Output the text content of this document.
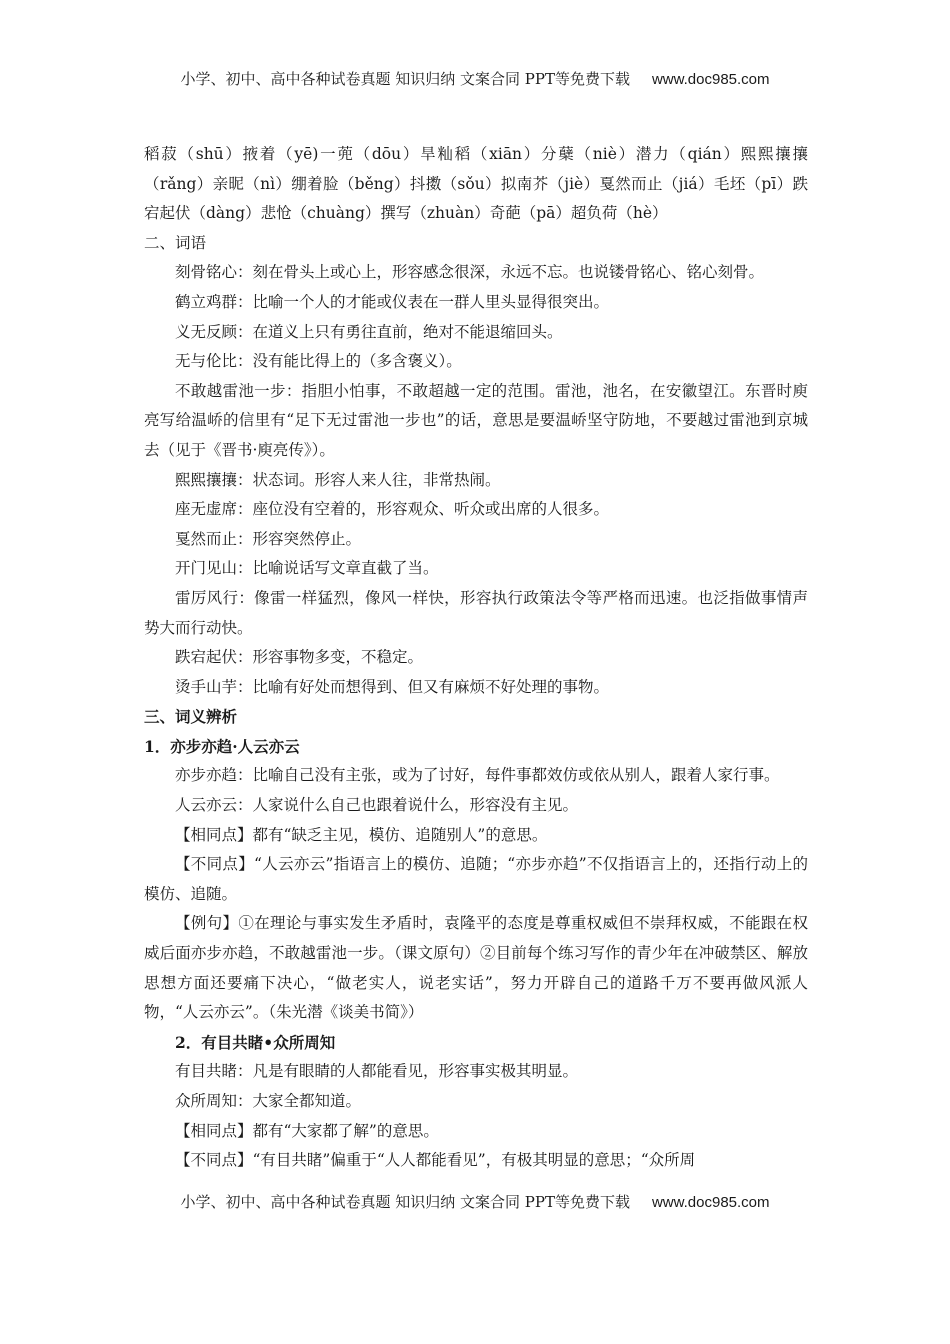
小学、初中、高中各种试卷真题 知识归纳 文案合同 PPT等免费下载 www.doc985.com

稻菽（shū）掖着（yē)一蔸（dōu）旱籼稻（xiān）分蘖（niè）潜力（qián）熙熙攘攘（rǎng）亲昵（nì）绷着脸（běng）抖擞（sǒu）拟南芥（jiè）戛然而止（jiá）毛坯（pī）跌宕起伏（dàng）悲怆（chuàng）撰写（zhuàn）奇葩（pā）超负荷（hè）

二、词语

刻骨铭心：刻在骨头上或心上，形容感念很深，永远不忘。也说镂骨铭心、铭心刻骨。

鹤立鸡群：比喻一个人的才能或仪表在一群人里头显得很突出。

义无反顾：在道义上只有勇往直前，绝对不能退缩回头。

无与伦比：没有能比得上的（多含褒义）。

不敢越雷池一步：指胆小怕事，不敢超越一定的范围。雷池，池名，在安徽望江。东晋时庾亮写给温峤的信里有“足下无过雷池一步也”的话，意思是要温峤坚守防地，不要越过雷池到京城去（见于《晋书·庾亮传》）。

熙熙攘攘：状态词。形容人来人往，非常热闹。

座无虚席：座位没有空着的，形容观众、听众或出席的人很多。

戛然而止：形容突然停止。

开门见山：比喻说话写文章直截了当。

雷厉风行：像雷一样猛烈，像风一样快，形容执行政策法令等严格而迅速。也泛指做事情声势大而行动快。

跌宕起伏：形容事物多变，不稳定。

烫手山芋：比喻有好处而想得到、但又有麻烦不好处理的事物。

三、词义辨析

1．亦步亦趋·人云亦云

亦步亦趋：比喻自己没有主张，或为了讨好，每件事都效仿或依从别人，跟着人家行事。

人云亦云：人家说什么自己也跟着说什么，形容没有主见。

【相同点】都有“缺乏主见，模仿、追随别人”的意思。

【不同点】“人云亦云”指语言上的模仿、追随；“亦步亦趋”不仅指语言上的，还指行动上的模仿、追随。

【例句】①在理论与事实发生矛盾时，袁隆平的态度是尊重权威但不崇拜权威，不能跟在权威后面亦步亦趋，不敢越雷池一步。（课文原句）②目前每个练习写作的青少年在冲破禁区、解放思想方面还要痛下决心，“做老实人，说老实话”，努力开辟自己的道路千万不要再做风派人物，“人云亦云”。（朱光潜《谈美书简》）

2．有目共睹•众所周知

有目共睹：凡是有眼睛的人都能看见，形容事实极其明显。

众所周知：大家全都知道。

【相同点】都有“大家都了解”的意思。

【不同点】“有目共睹”偏重于“人人都能看见”，有极其明显的意思；“众所周

小学、初中、高中各种试卷真题 知识归纳 文案合同 PPT等免费下载 www.doc985.com
